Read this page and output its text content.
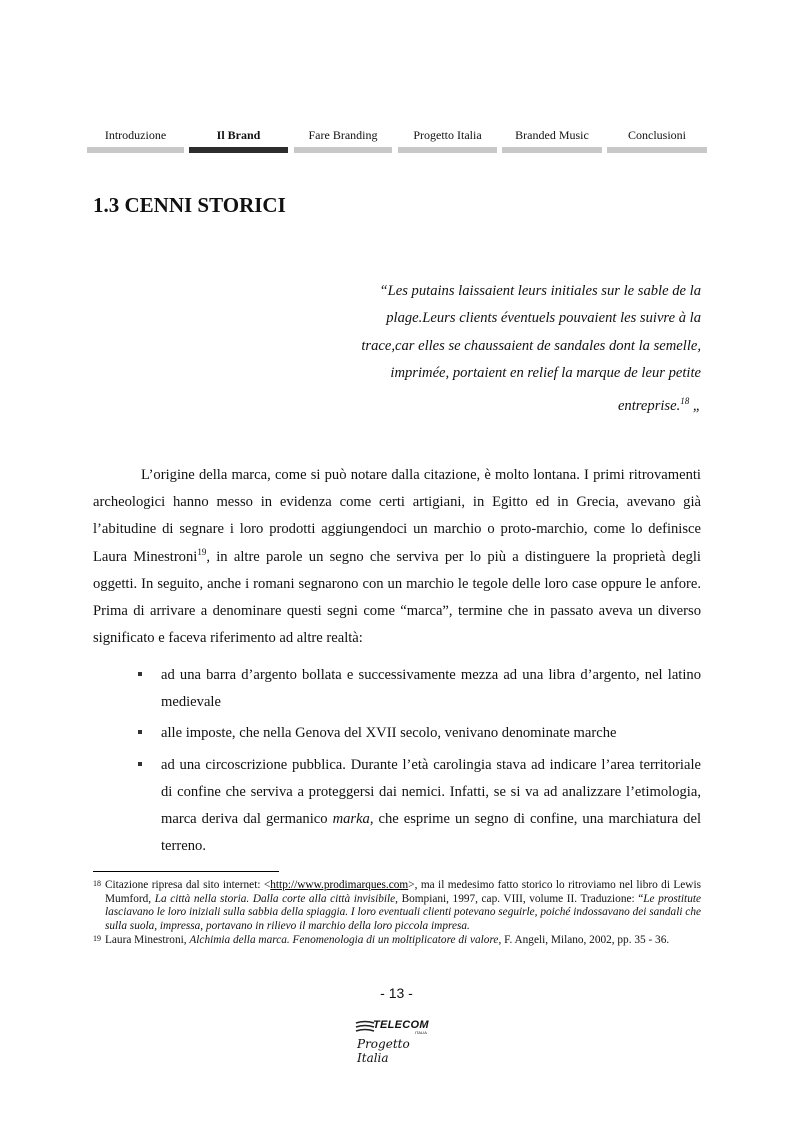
Introduzione	Il Brand	Fare Branding	Progetto Italia	Branded Music	Conclusioni
1.3 CENNI STORICI
“Les putains laissaient leurs initiales sur le sable de la plage.Leurs clients éventuels pouvaient les suivre à la trace,car elles se chaussaient de sandales dont la semelle, imprimée, portaient en relief la marque de leur petite entreprise.$^{18}$ „

L’origine della marca, come si può notare dalla citazione, è molto lontana. I primi ritrovamenti archeologici hanno messo in evidenza come certi artigiani, in Egitto ed in Grecia, avevano già l’abitudine di segnare i loro prodotti aggiungendoci un marchio o proto-marchio, come lo definisce Laura Minestroni$^{19}$, in altre parole un segno che serviva per lo più a distinguere la proprietà degli oggetti. In seguito, anche i romani segnarono con un marchio le tegole delle loro case oppure le anfore. Prima di arrivare a denominare questi segni come “marca”, termine che in passato aveva un diverso significato e faceva riferimento ad altre realtà:

ad una barra d’argento bollata e successivamente mezza ad una libra d’argento, nel latino medievale
alle imposte, che nella Genova del XVII secolo, venivano denominate marche
ad una circoscrizione pubblica. Durante l’età carolingia stava ad indicare l’area territoriale di confine che serviva a proteggersi dai nemici. Infatti, se si va ad analizzare l’etimologia, marca deriva dal germanico marka, che esprime un segno di confine, una marchiatura del terreno.
18 Citazione ripresa dal sito internet: <http://www.prodimarques.com>, ma il medesimo fatto storico lo ritroviamo nel libro di Lewis Mumford, La città nella storia. Dalla corte alla città invisibile, Bompiani, 1997, cap. VIII, volume II. Traduzione: “Le prostitute lasciavano le loro iniziali sulla sabbia della spiaggia. I loro eventuali clienti potevano seguirle, poiché indossavano dei sandali che sulla suola, impressa, portavano in rilievo il marchio della loro piccola impresa.
19 Laura Minestroni, Alchimia della marca. Fenomenologia di un moltiplicatore di valore, F. Angeli, Milano, 2002, pp. 35 - 36.
- 13 -
TELECOM
ITALIA
Progetto Italia
